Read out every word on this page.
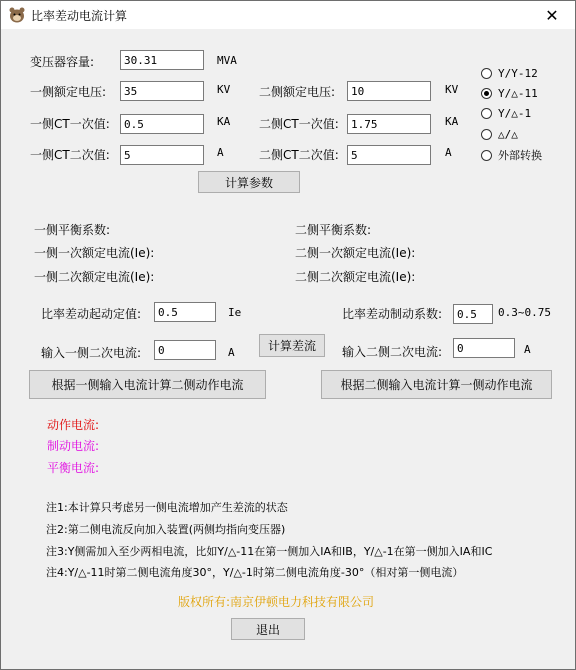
比率差动电流计算	✕
变压器容量:	30.31	MVA
一侧额定电压:	35	KV 二侧额定电压:	10	KV
一侧CT一次值:	0.5	KA 二侧CT一次值:	1.75	KA
一侧CT二次值:	5	A	二侧CT二次值:	5	A
Y/Y-12
Y/△-11
Y/△-1
△/△
外部转换
计算参数
一侧平衡系数:	二侧平衡系数:
一侧一次额定电流(Ie):	二侧一次额定电流(Ie):
一侧二次额定电流(Ie):	二侧二次额定电流(Ie):
比率差动起动定值:	0.5	Ie	比率差动制动系数:	0.5	0.3~0.75
输入一侧二次电流:	0	A	计算差流	输入二侧二次电流:	0	A
根据一侧输入电流计算二侧动作电流	根据二侧输入电流计算一侧动作电流
动作电流:
制动电流:
平衡电流:
注1:本计算只考虑另一侧电流增加产生差流的状态
注2:第二侧电流反向加入装置(两侧均指向变压器)
注3:Y侧需加入至少两相电流，比如Y/△-11在第一侧加入IA和IB，Y/△-1在第一侧加入IA和IC
注4:Y/△-11时第二侧电流角度30°，Y/△-1时第二侧电流角度-30°（相对第一侧电流）
版权所有:南京伊顿电力科技有限公司
退出
